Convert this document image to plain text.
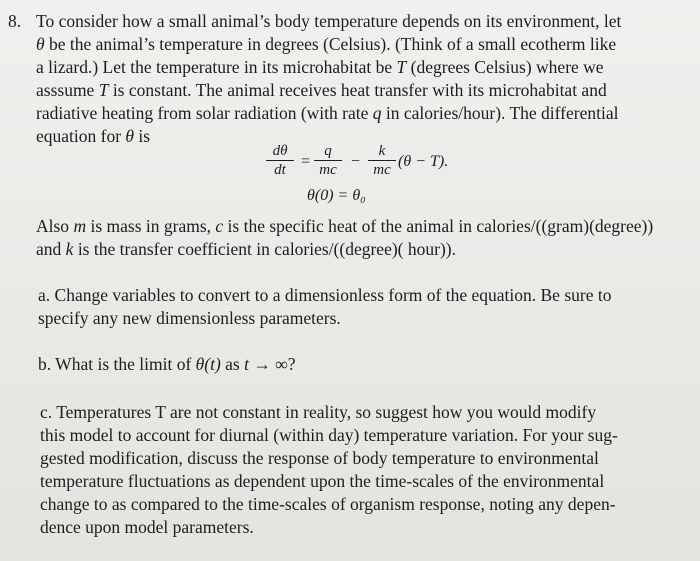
8. To consider how a small animal’s body temperature depends on its environment, let
θ be the animal’s temperature in degrees (Celsius). (Think of a small ecotherm like
a lizard.) Let the temperature in its microhabitat be T (degrees Celsius) where we
asssume T is constant. The animal receives heat transfer with its microhabitat and
radiative heating from solar radiation (with rate q in calories/hour). The differential
equation for θ is
dθ
dt =
q
mc −
k
mc (θ − T).
θ(0) = θ₀
Also m is mass in grams, c is the specific heat of the animal in calories/((gram)(degree))
and k is the transfer coefficient in calories/((degree)( hour)).
a. Change variables to convert to a dimensionless form of the equation. Be sure to
specify any new dimensionless parameters.
b. What is the limit of θ(t) as t → ∞?
c. Temperatures T are not constant in reality, so suggest how you would modify
this model to account for diurnal (within day) temperature variation. For your sug-
gested modification, discuss the response of body temperature to environmental
temperature fluctuations as dependent upon the time-scales of the environmental
change to as compared to the time-scales of organism response, noting any depen-
dence upon model parameters.
